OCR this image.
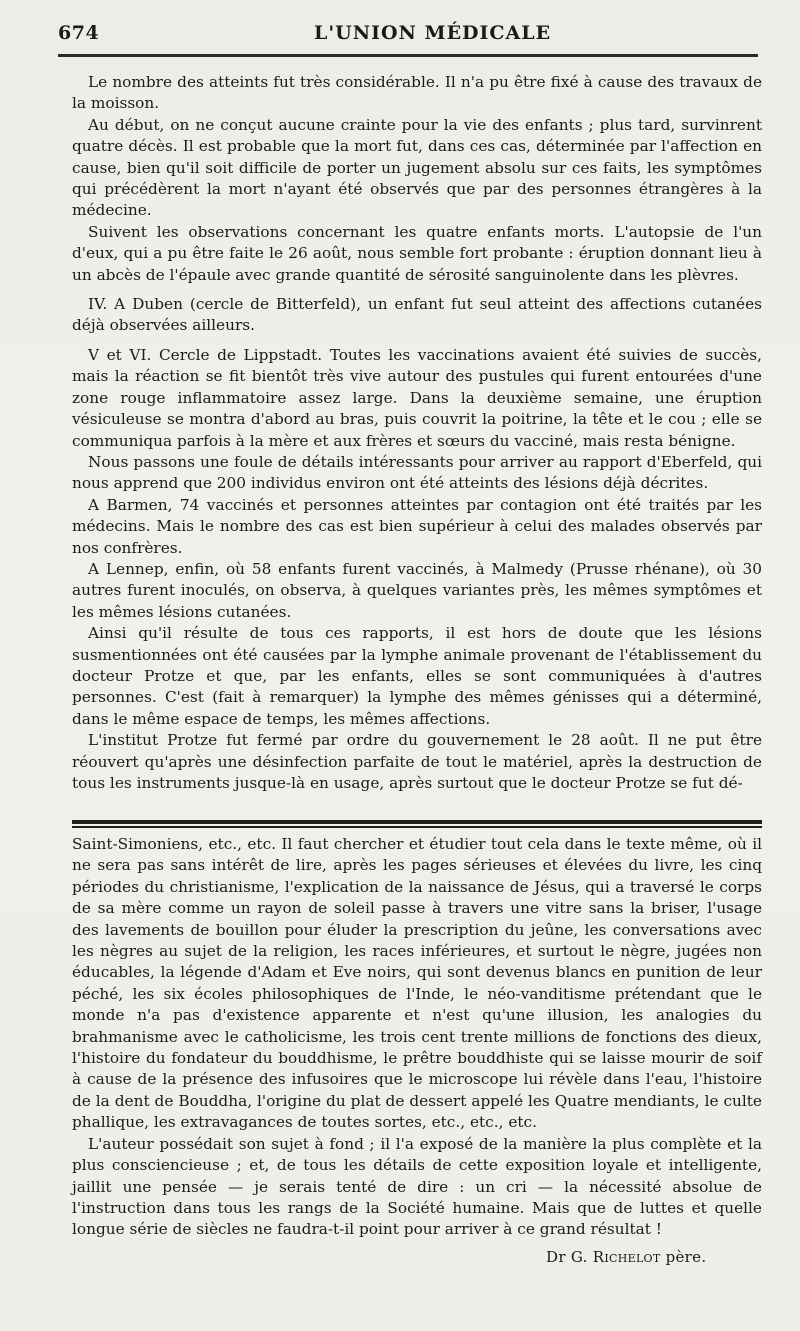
674	L'UNION MÉDICALE

Le nombre des atteints fut très considérable. Il n'a pu être fixé à cause des travaux de la moisson.

Au début, on ne conçut aucune crainte pour la vie des enfants ; plus tard, survinrent quatre décès. Il est probable que la mort fut, dans ces cas, déterminée par l'affection en cause, bien qu'il soit difficile de porter un jugement absolu sur ces faits, les symptômes qui précédèrent la mort n'ayant été observés que par des personnes étrangères à la médecine.

Suivent les observations concernant les quatre enfants morts. L'autopsie de l'un d'eux, qui a pu être faite le 26 août, nous semble fort probante : éruption donnant lieu à un abcès de l'épaule avec grande quantité de sérosité sanguinolente dans les plèvres.

IV. A Duben (cercle de Bitterfeld), un enfant fut seul atteint des affections cutanées déjà observées ailleurs.

V et VI. Cercle de Lippstadt. Toutes les vaccinations avaient été suivies de succès, mais la réaction se fit bientôt très vive autour des pustules qui furent entourées d'une zone rouge inflammatoire assez large. Dans la deuxième semaine, une éruption vésiculeuse se montra d'abord au bras, puis couvrit la poitrine, la tête et le cou ; elle se communiqua parfois à la mère et aux frères et sœurs du vacciné, mais resta bénigne.

Nous passons une foule de détails intéressants pour arriver au rapport d'Eberfeld, qui nous apprend que 200 individus environ ont été atteints des lésions déjà décrites.

A Barmen, 74 vaccinés et personnes atteintes par contagion ont été traités par les médecins. Mais le nombre des cas est bien supérieur à celui des malades observés par nos confrères.

A Lennep, enfin, où 58 enfants furent vaccinés, à Malmedy (Prusse rhénane), où 30 autres furent inoculés, on observa, à quelques variantes près, les mêmes symptômes et les mêmes lésions cutanées.

Ainsi qu'il résulte de tous ces rapports, il est hors de doute que les lésions susmentionnées ont été causées par la lymphe animale provenant de l'établissement du docteur Protze et que, par les enfants, elles se sont communiquées à d'autres personnes. C'est (fait à remarquer) la lymphe des mêmes génisses qui a déterminé, dans le même espace de temps, les mêmes affections.

L'institut Protze fut fermé par ordre du gouvernement le 28 août. Il ne put être réouvert qu'après une désinfection parfaite de tout le matériel, après la destruction de tous les instruments jusque-là en usage, après surtout que le docteur Protze se fut dé-

Saint-Simoniens, etc., etc. Il faut chercher et étudier tout cela dans le texte même, où il ne sera pas sans intérêt de lire, après les pages sérieuses et élevées du livre, les cinq périodes du christianisme, l'explication de la naissance de Jésus, qui a traversé le corps de sa mère comme un rayon de soleil passe à travers une vitre sans la briser, l'usage des lavements de bouillon pour éluder la prescription du jeûne, les conversations avec les nègres au sujet de la religion, les races inférieures, et surtout le nègre, jugées non éducables, la légende d'Adam et Eve noirs, qui sont devenus blancs en punition de leur péché, les six écoles philosophiques de l'Inde, le néo-vanditisme prétendant que le monde n'a pas d'existence apparente et n'est qu'une illusion, les analogies du brahmanisme avec le catholicisme, les trois cent trente millions de fonctions des dieux, l'histoire du fondateur du bouddhisme, le prêtre bouddhiste qui se laisse mourir de soif à cause de la présence des infusoires que le microscope lui révèle dans l'eau, l'histoire de la dent de Bouddha, l'origine du plat de dessert appelé les Quatre mendiants, le culte phallique, les extravagances de toutes sortes, etc., etc., etc.

L'auteur possédait son sujet à fond ; il l'a exposé de la manière la plus complète et la plus consciencieuse ; et, de tous les détails de cette exposition loyale et intelligente, jaillit une pensée — je serais tenté de dire : un cri — la nécessité absolue de l'instruction dans tous les rangs de la Société humaine. Mais que de luttes et quelle longue série de siècles ne faudra-t-il point pour arriver à ce grand résultat !

Dr G. Richelot père.
